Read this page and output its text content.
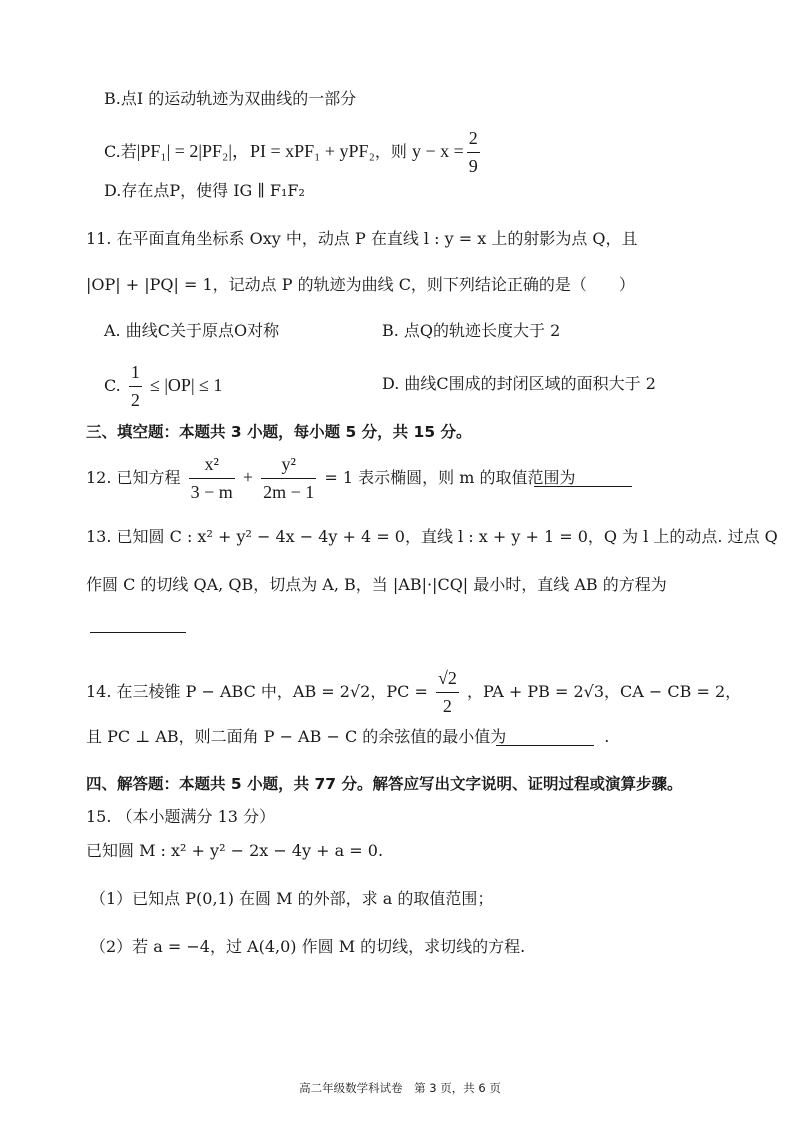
B.点I 的运动轨迹为双曲线的一部分
C.若|PF₁| = 2|PF₂|，PI = xPF₁ + yPF₂，则 $y - x = \frac{2}{9}$
D.存在点P，使得 IG ∥ F₁F₂
11. 在平面直角坐标系 Oxy 中，动点 P 在直线 l : y = x 上的射影为点 Q，且
|OP| + |PQ| = 1，记动点 P 的轨迹为曲线 C，则下列结论正确的是（　　）
A. 曲线C关于原点O对称	B. 点Q的轨迹长度大于 2
C. $\frac{1}{2} \le |OP| \le 1$	D. 曲线C围成的封闭区域的面积大于 2
三、填空题：本题共 3 小题，每小题 5 分，共 15 分。
12. 已知方程 $\frac{\text{x²}}{3 - m} + \frac{\text{y²}}{2m - 1} = 1$ 表示椭圆，则 m 的取值范围为
13. 已知圆 C : x² + y² − 4x − 4y + 4 = 0，直线 l : x + y + 1 = 0，Q 为 l 上的动点. 过点 Q
作圆 C 的切线 QA, QB，切点为 A, B，当 |AB|·|CQ| 最小时，直线 AB 的方程为
14. 在三棱锥 P − ABC 中，AB = 2√2，PC = $\frac{√2}{2}$ ，PA + PB = 2√3，CA − CB = 2，
且 PC ⊥ AB，则二面角 P − AB − C 的余弦值的最小值为	.
四、解答题：本题共 5 小题，共 77 分。解答应写出文字说明、证明过程或演算步骤。
15. （本小题满分 13 分）
已知圆 M : x² + y² − 2x − 4y + a = 0.
（1）已知点 P(0,1) 在圆 M 的外部，求 a 的取值范围；
（2）若 a = −4，过 A(4,0) 作圆 M 的切线，求切线的方程.
高二年级数学科试卷　第 3 页，共 6 页
